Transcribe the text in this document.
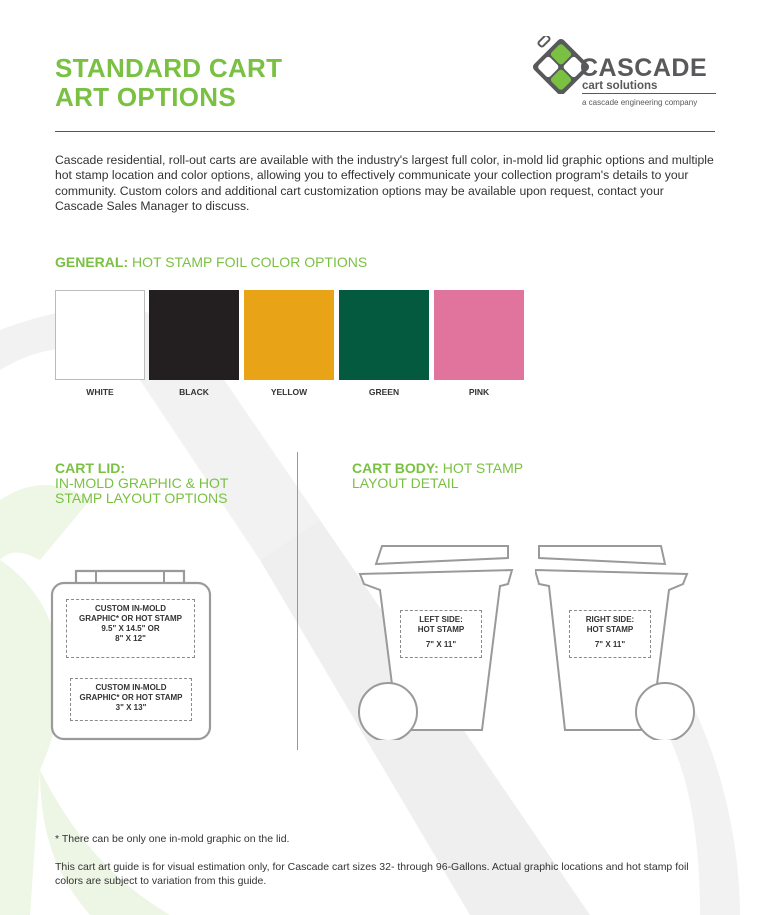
STANDARD CART
ART OPTIONS
CASCADE
cart solutions
a cascade engineering company

Cascade residential, roll-out carts are available with the industry's largest full color, in-mold lid graphic options and multiple hot stamp location and color options, allowing you to effectively communicate your collection program's details to your community. Custom colors and additional cart customization options may be available upon request, contact your Cascade Sales Manager to discuss.

GENERAL: HOT STAMP FOIL COLOR OPTIONS
WHITE	BLACK	YELLOW	GREEN	PINK
CART LID:
IN-MOLD GRAPHIC & HOT
STAMP LAYOUT OPTIONS
CART BODY: HOT STAMP
LAYOUT DETAIL
CUSTOM IN-MOLD
GRAPHIC* OR HOT STAMP
9.5" X 14.5" OR
8" X 12"
CUSTOM IN-MOLD
GRAPHIC* OR HOT STAMP
3" X 13"
LEFT SIDE:
HOT STAMP
7" X 11"
RIGHT SIDE:
HOT STAMP
7" X 11"

* There can be only one in-mold graphic on the lid.

This cart art guide is for visual estimation only, for Cascade cart sizes 32- through 96-Gallons. Actual graphic locations and hot stamp foil colors are subject to variation from this guide.
